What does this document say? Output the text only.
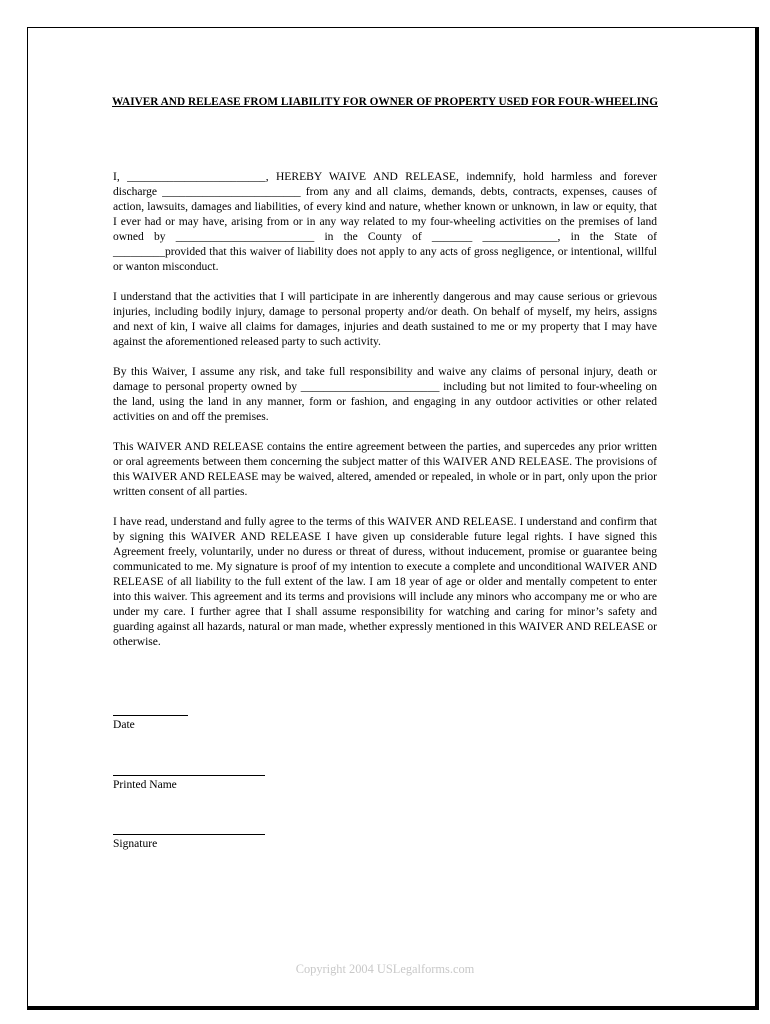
WAIVER AND RELEASE FROM LIABILITY FOR OWNER OF PROPERTY USED FOR FOUR-WHEELING

I, ________________________, HEREBY WAIVE AND RELEASE, indemnify, hold harmless and forever discharge ________________________ from any and all claims, demands, debts, contracts, expenses, causes of action, lawsuits, damages and liabilities, of every kind and nature, whether known or unknown, in law or equity, that I ever had or may have, arising from or in any way related to my four-wheeling activities on the premises of land owned by ________________________ in the County of _______ _____________, in the State of _________provided that this waiver of liability does not apply to any acts of gross negligence, or intentional, willful or wanton misconduct.

I understand that the activities that I will participate in are inherently dangerous and may cause serious or grievous injuries, including bodily injury, damage to personal property and/or death. On behalf of myself, my heirs, assigns and next of kin, I waive all claims for damages, injuries and death sustained to me or my property that I may have against the aforementioned released party to such activity.

By this Waiver, I assume any risk, and take full responsibility and waive any claims of personal injury, death or damage to personal property owned by ________________________ including but not limited to four-wheeling on the land, using the land in any manner, form or fashion, and engaging in any outdoor activities or other related activities on and off the premises.

This WAIVER AND RELEASE contains the entire agreement between the parties, and supercedes any prior written or oral agreements between them concerning the subject matter of this WAIVER AND RELEASE. The provisions of this WAIVER AND RELEASE may be waived, altered, amended or repealed, in whole or in part, only upon the prior written consent of all parties.

I have read, understand and fully agree to the terms of this WAIVER AND RELEASE. I understand and confirm that by signing this WAIVER AND RELEASE I have given up considerable future legal rights. I have signed this Agreement freely, voluntarily, under no duress or threat of duress, without inducement, promise or guarantee being communicated to me. My signature is proof of my intention to execute a complete and unconditional WAIVER AND RELEASE of all liability to the full extent of the law. I am 18 year of age or older and mentally competent to enter into this waiver. This agreement and its terms and provisions will include any minors who accompany me or who are under my care. I further agree that I shall assume responsibility for watching and caring for minor’s safety and guarding against all hazards, natural or man made, whether expressly mentioned in this WAIVER AND RELEASE or otherwise.

Date
Printed Name
Signature
Copyright 2004 USLegalforms.com
